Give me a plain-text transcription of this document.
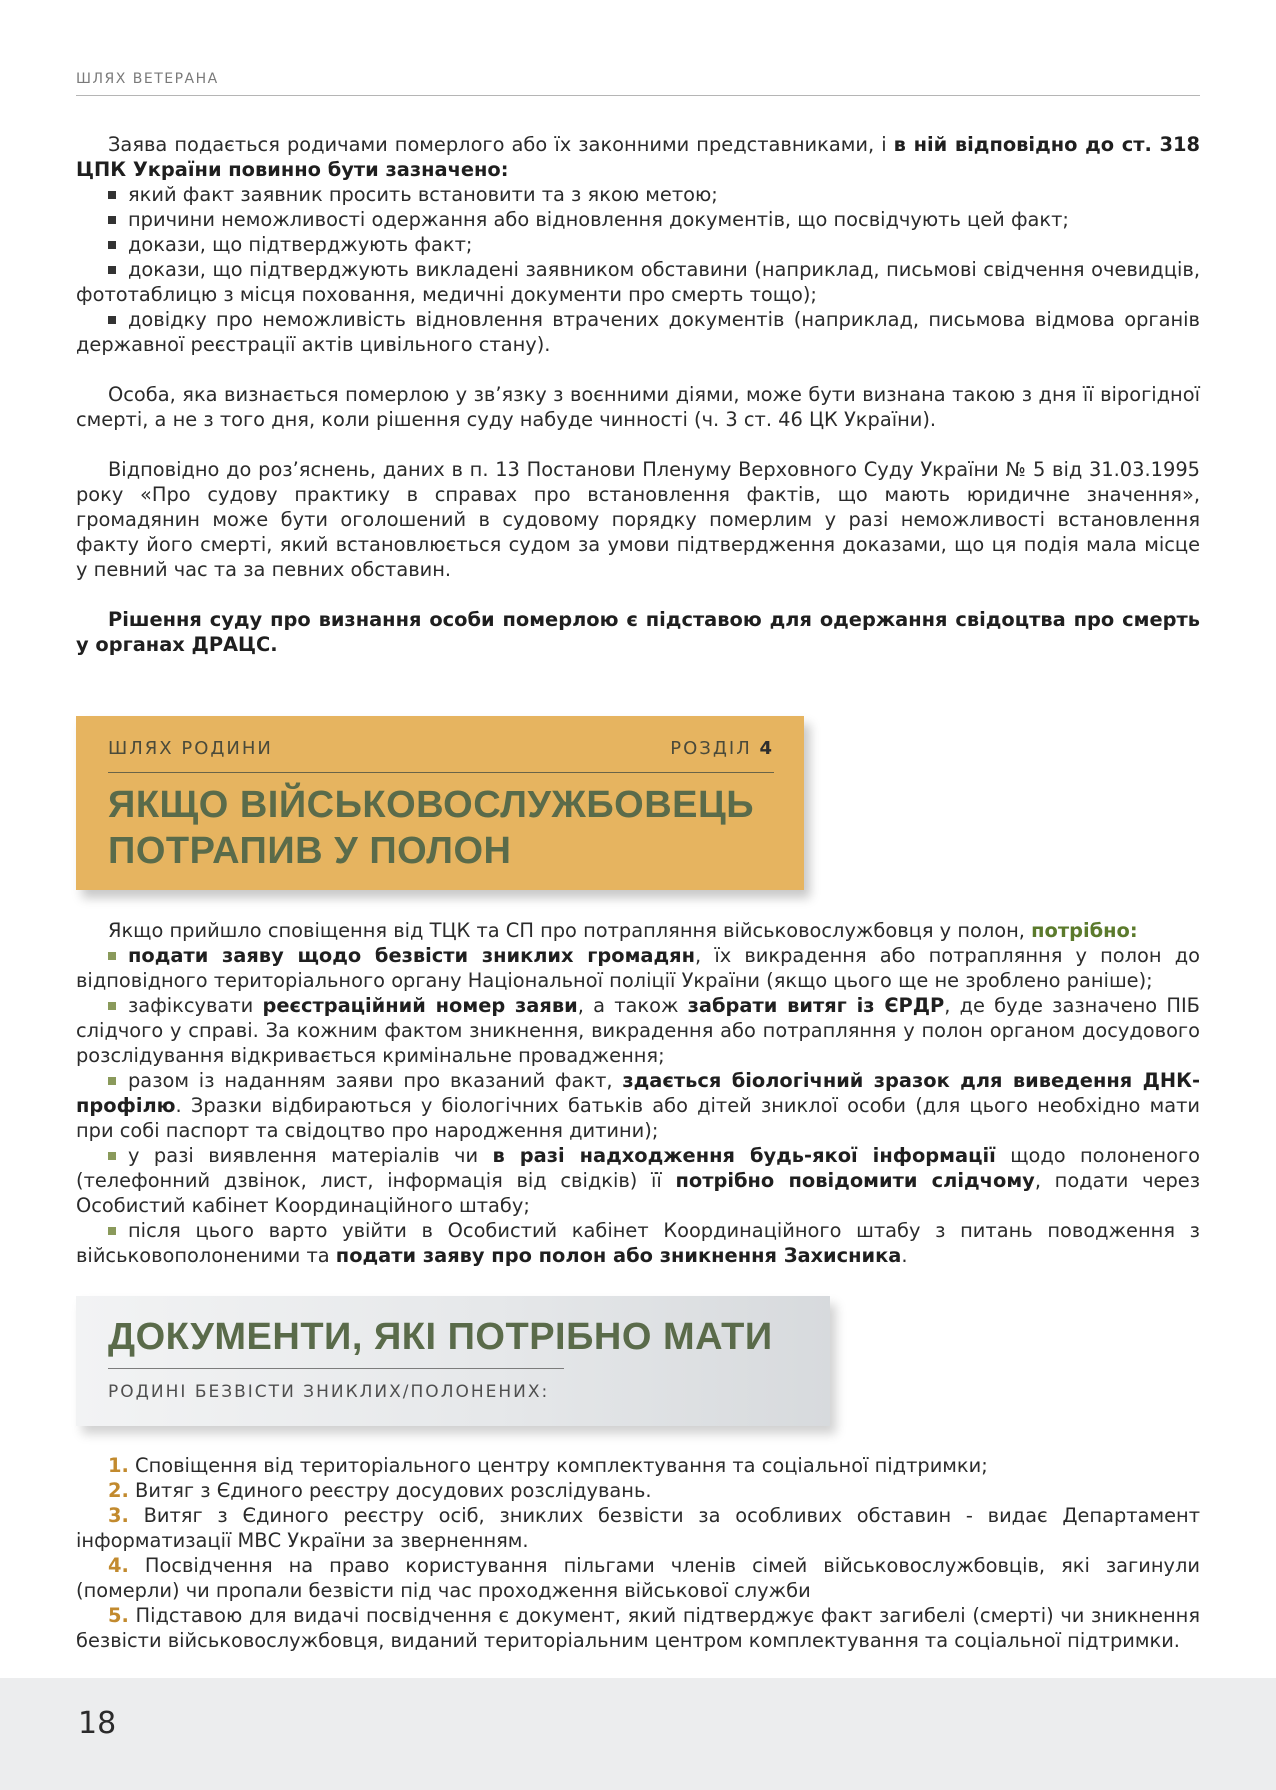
ШЛЯХ ВЕТЕРАНА

Заява подається родичами померлого або їх законними представниками, і в ній відповідно до ст. 318 ЦПК України повинно бути зазначено:

який факт заявник просить встановити та з якою метою;
причини неможливості одержання або відновлення документів, що посвідчують цей факт;
докази, що підтверджують факт;
докази, що підтверджують викладені заявником обставини (наприклад, письмові свідчення очевидців, фототаблицю з місця поховання, медичні документи про смерть тощо);
довідку про неможливість відновлення втрачених документів (наприклад, письмова відмова органів державної реєстрації актів цивільного стану).

Особа, яка визнається померлою у зв’язку з воєнними діями, може бути визнана такою з дня її вірогідної смерті, а не з того дня, коли рішення суду набуде чинності (ч. 3 ст. 46 ЦК України).

Відповідно до роз’яснень, даних в п. 13 Постанови Пленуму Верховного Суду України № 5 від 31.03.1995 року «Про судову практику в справах про встановлення фактів, що мають юридичне значення», громадянин може бути оголошений в судовому порядку померлим у разі неможливості встановлення факту його смерті, який встановлюється судом за умови підтвердження доказами, що ця подія мала місце у певний час та за певних обставин.

Рішення суду про визнання особи померлою є підставою для одержання свідоцтва про смерть у органах ДРАЦС.

ШЛЯХ РОДИНИ	РОЗДІЛ 4
ЯКЩО ВІЙСЬКОВОСЛУЖБОВЕЦЬ ПОТРАПИВ У ПОЛОН

Якщо прийшло сповіщення від ТЦК та СП про потрапляння військовослужбовця у полон, потрібно:

подати заяву щодо безвісти зниклих громадян, їх викрадення або потрапляння у полон до відповідного територіального органу Національної поліції України (якщо цього ще не зроблено раніше);
зафіксувати реєстраційний номер заяви, а також забрати витяг із ЄРДР, де буде зазначено ПІБ слідчого у справі. За кожним фактом зникнення, викрадення або потрапляння у полон органом досудового розслідування відкривається кримінальне провадження;
разом із наданням заяви про вказаний факт, здається біологічний зразок для виведення ДНК-профілю. Зразки відбираються у біологічних батьків або дітей зниклої особи (для цього необхідно мати при собі паспорт та свідоцтво про народження дитини);
у разі виявлення матеріалів чи в разі надходження будь-якої інформації щодо полоненого (телефонний дзвінок, лист, інформація від свідків) її потрібно повідомити слідчому, подати через Особистий кабінет Координаційного штабу;
після цього варто увійти в Особистий кабінет Координаційного штабу з питань поводження з військовополоненими та подати заяву про полон або зникнення Захисника.
ДОКУМЕНТИ, ЯКІ ПОТРІБНО МАТИ
РОДИНІ БЕЗВІСТИ ЗНИКЛИХ/ПОЛОНЕНИХ:
1. Сповіщення від територіального центру комплектування та соціальної підтримки;
2. Витяг з Єдиного реєстру досудових розслідувань.
3. Витяг з Єдиного реєстру осіб, зниклих безвісти за особливих обставин - видає Департамент інформатизації МВС України за зверненням.
4. Посвідчення на право користування пільгами членів сімей військовослужбовців, які загинули (померли) чи пропали безвісти під час проходження військової служби
5. Підставою для видачі посвідчення є документ, який підтверджує факт загибелі (смерті) чи зникнення безвісти військовослужбовця, виданий територіальним центром комплектування та соціальної підтримки.
18
